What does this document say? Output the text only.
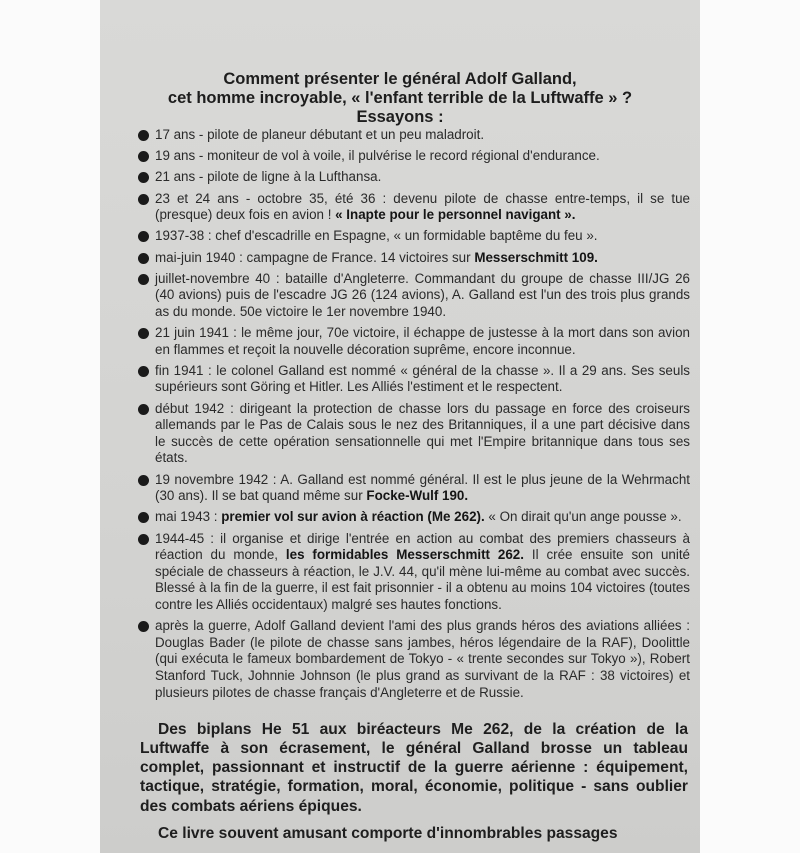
Comment présenter le général Adolf Galland,
cet homme incroyable, « l'enfant terrible de la Luftwaffe » ?
Essayons :
17 ans - pilote de planeur débutant et un peu maladroit.
19 ans - moniteur de vol à voile, il pulvérise le record régional d'endurance.
21 ans - pilote de ligne à la Lufthansa.
23 et 24 ans - octobre 35, été 36 : devenu pilote de chasse entre-temps, il se tue (presque) deux fois en avion ! « Inapte pour le personnel navigant ».
1937-38 : chef d'escadrille en Espagne, « un formidable baptême du feu ».
mai-juin 1940 : campagne de France. 14 victoires sur Messerschmitt 109.
juillet-novembre 40 : bataille d'Angleterre. Commandant du groupe de chasse III/JG 26 (40 avions) puis de l'escadre JG 26 (124 avions), A. Galland est l'un des trois plus grands as du monde. 50e victoire le 1er novembre 1940.
21 juin 1941 : le même jour, 70e victoire, il échappe de justesse à la mort dans son avion en flammes et reçoit la nouvelle décoration suprême, encore inconnue.
fin 1941 : le colonel Galland est nommé « général de la chasse ». Il a 29 ans. Ses seuls supérieurs sont Göring et Hitler. Les Alliés l'estiment et le respectent.
début 1942 : dirigeant la protection de chasse lors du passage en force des croiseurs allemands par le Pas de Calais sous le nez des Britanniques, il a une part décisive dans le succès de cette opération sensationnelle qui met l'Empire britannique dans tous ses états.
19 novembre 1942 : A. Galland est nommé général. Il est le plus jeune de la Wehrmacht (30 ans). Il se bat quand même sur Focke-Wulf 190.
mai 1943 : premier vol sur avion à réaction (Me 262). « On dirait qu'un ange pousse ».
1944-45 : il organise et dirige l'entrée en action au combat des premiers chasseurs à réaction du monde, les formidables Messerschmitt 262. Il crée ensuite son unité spéciale de chasseurs à réaction, le J.V. 44, qu'il mène lui-même au combat avec succès. Blessé à la fin de la guerre, il est fait prisonnier - il a obtenu au moins 104 victoires (toutes contre les Alliés occidentaux) malgré ses hautes fonctions.
après la guerre, Adolf Galland devient l'ami des plus grands héros des aviations alliées : Douglas Bader (le pilote de chasse sans jambes, héros légendaire de la RAF), Doolittle (qui exécuta le fameux bombardement de Tokyo - « trente secondes sur Tokyo »), Robert Stanford Tuck, Johnnie Johnson (le plus grand as survivant de la RAF : 38 victoires) et plusieurs pilotes de chasse français d'Angleterre et de Russie.
Des biplans He 51 aux biréacteurs Me 262, de la création de la Luftwaffe à son écrasement, le général Galland brosse un tableau complet, passionnant et instructif de la guerre aérienne : équipement, tactique, stratégie, formation, moral, économie, politique - sans oublier des combats aériens épiques.
Ce livre souvent amusant comporte d'innombrables passages
